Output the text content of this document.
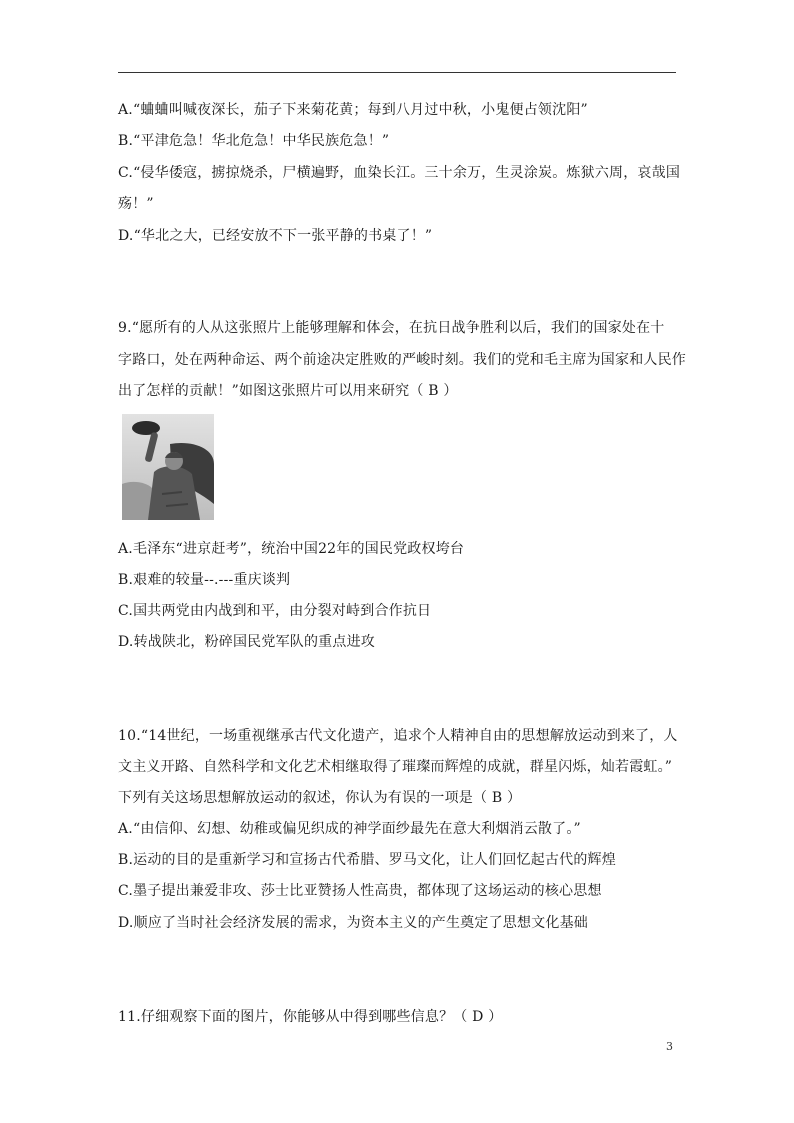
A.“蛐蛐叫喊夜深长，茄子下来菊花黄；每到八月过中秋，小鬼便占领沈阳”
B.“平津危急！华北危急！中华民族危急！”
C.“侵华倭寇，掳掠烧杀，尸横遍野，血染长江。三十余万，生灵涂炭。炼狱六周，哀哉国
殇！”
D.“华北之大，已经安放不下一张平静的书桌了！”
9.“愿所有的人从这张照片上能够理解和体会，在抗日战争胜利以后，我们的国家处在十
字路口，处在两种命运、两个前途决定胜败的严峻时刻。我们的党和毛主席为国家和人民作
出了怎样的贡献！”如图这张照片可以用来研究（ B ）
A.毛泽东“进京赶考”，统治中国22年的国民党政权垮台
B.艰难的较量--.---重庆谈判
C.国共两党由内战到和平，由分裂对峙到合作抗日
D.转战陕北，粉碎国民党军队的重点进攻
10.“14世纪，一场重视继承古代文化遗产，追求个人精神自由的思想解放运动到来了，人
文主义开路、自然科学和文化艺术相继取得了璀璨而辉煌的成就，群星闪烁，灿若霞虹。”
下列有关这场思想解放运动的叙述，你认为有误的一项是（ B ）
A.“由信仰、幻想、幼稚或偏见织成的神学面纱最先在意大利烟消云散了。”
B.运动的目的是重新学习和宣扬古代希腊、罗马文化，让人们回忆起古代的辉煌
C.墨子提出兼爱非攻、莎士比亚赞扬人性高贵，都体现了这场运动的核心思想
D.顺应了当时社会经济发展的需求，为资本主义的产生奠定了思想文化基础
11.仔细观察下面的图片，你能够从中得到哪些信息？（ D ）
3
